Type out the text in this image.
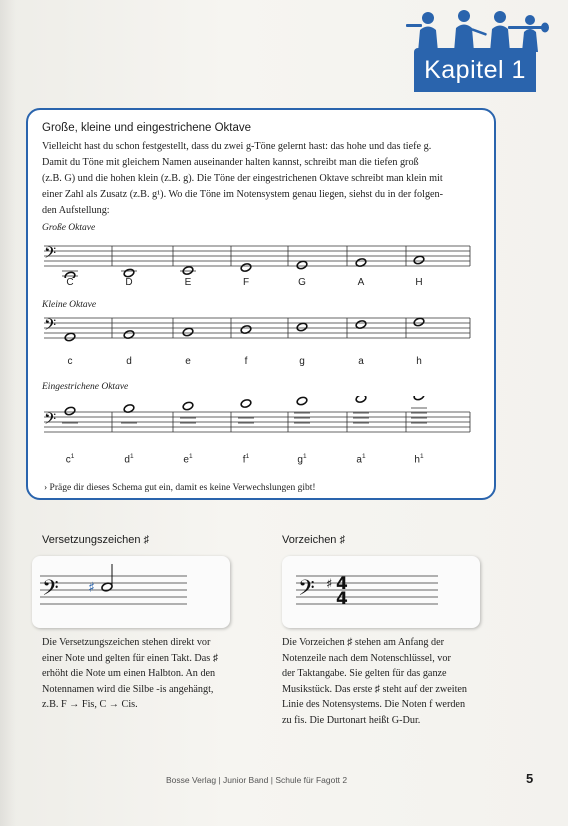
Kapitel 1
Große, kleine und eingestrichene Oktave
Vielleicht hast du schon festgestellt, dass du zwei g-Töne gelernt hast: das hohe und das tiefe g.
Damit du Töne mit gleichem Namen auseinander halten kannst, schreibt man die tiefen groß
(z.B. G) und die hohen klein (z.B. g). Die Töne der eingestrichenen Oktave schreibt man klein mit
einer Zahl als Zusatz (z.B. g¹). Wo die Töne im Notensystem genau liegen, siehst du in der folgen-
den Aufstellung:
Große Oktave
𝄢
C	D	E	F	G	A	H
Kleine Oktave
𝄢
c	d	e	f	g	a	h
Eingestrichene Oktave
𝄢
$c^1$	$d^1$	$e^1$	$f^1$	$g^1$	$a^1$	$h^1$
› Präge dir dieses Schema gut ein, damit es keine Verwechslungen gibt!
Versetzungszeichen ♯
𝄢 ♯
Die Versetzungszeichen stehen direkt vor
einer Note und gelten für einen Takt. Das ♯
erhöht die Note um einen Halbton. An den
Notennamen wird die Silbe -is angehängt,
z.B. F → Fis, C → Cis.
Vorzeichen ♯
𝄢 ♯ 4
4
Die Vorzeichen ♯ stehen am Anfang der
Notenzeile nach dem Notenschlüssel, vor
der Taktangabe. Sie gelten für das ganze
Musikstück. Das erste ♯ steht auf der zweiten
Linie des Notensystems. Die Noten f werden
zu fis. Die Durtonart heißt G-Dur.
Bosse Verlag | Junior Band | Schule für Fagott 2	5
